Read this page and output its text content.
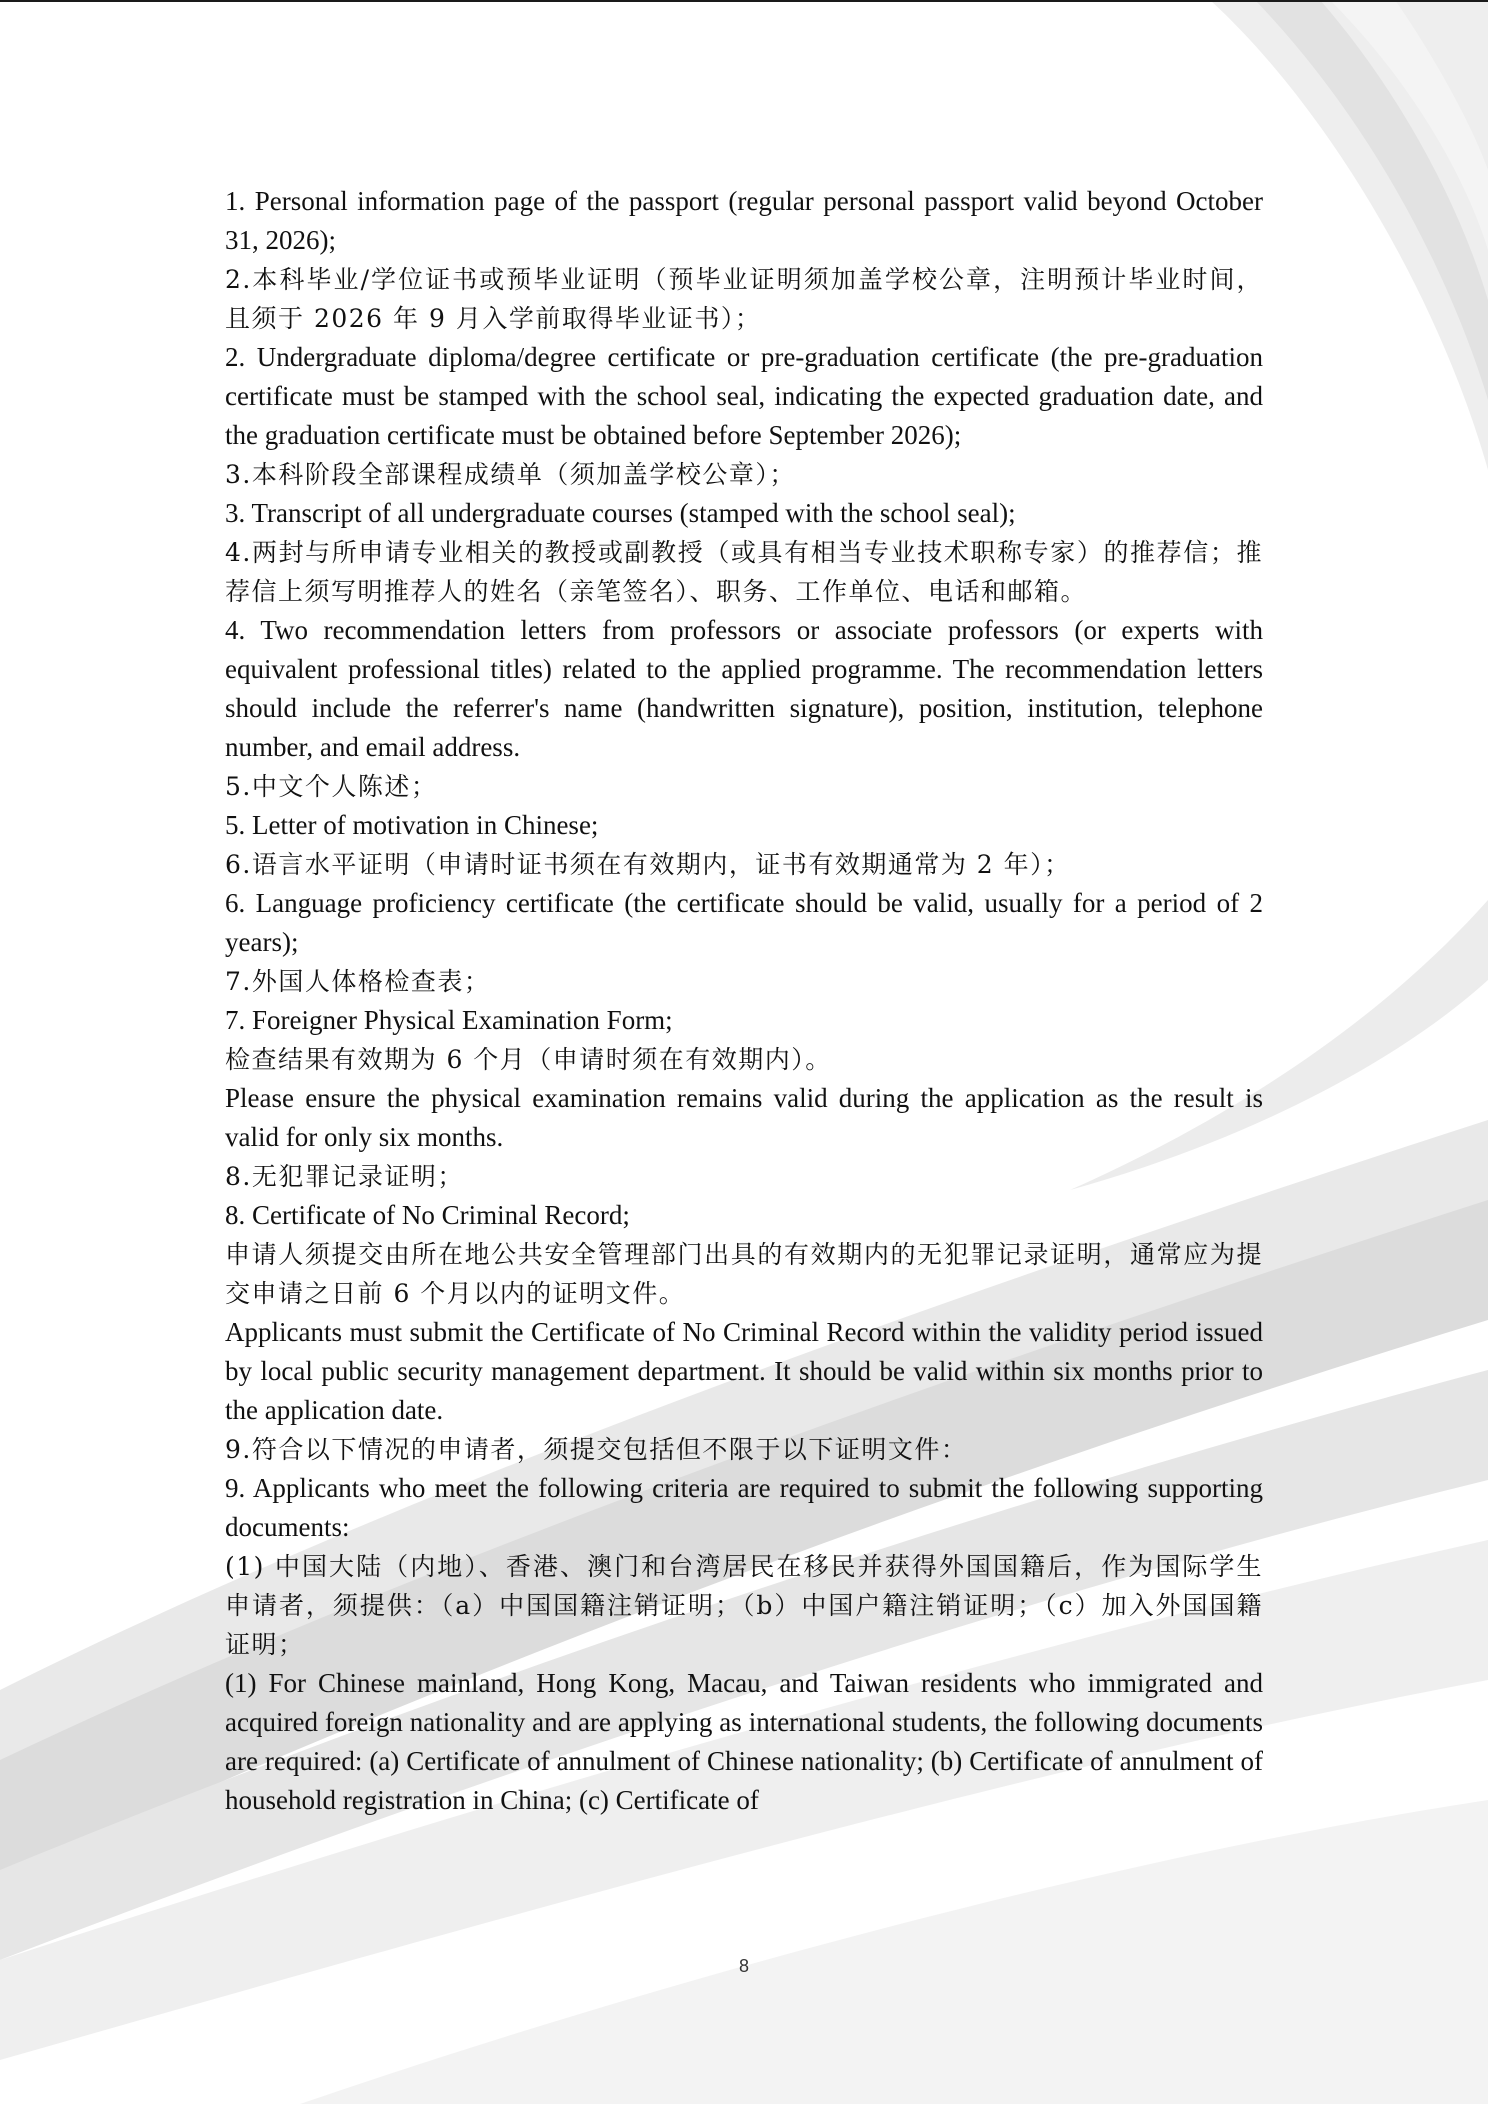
1. Personal information page of the passport (regular personal passport valid beyond October 31, 2026);

2.本科毕业/学位证书或预毕业证明（预毕业证明须加盖学校公章，注明预计毕业时间，且须于 2026 年 9 月入学前取得毕业证书）；

2. Undergraduate diploma/degree certificate or pre-graduation certificate (the pre-graduation certificate must be stamped with the school seal, indicating the expected graduation date, and the graduation certificate must be obtained before September 2026);

3.本科阶段全部课程成绩单（须加盖学校公章）；

3. Transcript of all undergraduate courses (stamped with the school seal);

4.两封与所申请专业相关的教授或副教授（或具有相当专业技术职称专家）的推荐信；推荐信上须写明推荐人的姓名（亲笔签名）、职务、工作单位、电话和邮箱。

4. Two recommendation letters from professors or associate professors (or experts with equivalent professional titles) related to the applied programme. The recommendation letters should include the referrer's name (handwritten signature), position, institution, telephone number, and email address.

5.中文个人陈述；

5. Letter of motivation in Chinese;

6.语言水平证明（申请时证书须在有效期内，证书有效期通常为 2 年）；

6. Language proficiency certificate (the certificate should be valid, usually for a period of 2 years);

7.外国人体格检查表；

7. Foreigner Physical Examination Form;

检查结果有效期为 6 个月（申请时须在有效期内）。

Please ensure the physical examination remains valid during the application as the result is valid for only six months.

8.无犯罪记录证明；

8. Certificate of No Criminal Record;

申请人须提交由所在地公共安全管理部门出具的有效期内的无犯罪记录证明，通常应为提交申请之日前 6 个月以内的证明文件。

Applicants must submit the Certificate of No Criminal Record within the validity period issued by local public security management department. It should be valid within six months prior to the application date.

9.符合以下情况的申请者，须提交包括但不限于以下证明文件：

9. Applicants who meet the following criteria are required to submit the following supporting documents:

(1) 中国大陆（内地）、香港、澳门和台湾居民在移民并获得外国国籍后，作为国际学生申请者，须提供：（a）中国国籍注销证明；（b）中国户籍注销证明；（c）加入外国国籍证明；

(1) For Chinese mainland, Hong Kong, Macau, and Taiwan residents who immigrated and acquired foreign nationality and are applying as international students, the following documents are required: (a) Certificate of annulment of Chinese nationality; (b) Certificate of annulment of household registration in China; (c) Certificate of

8
